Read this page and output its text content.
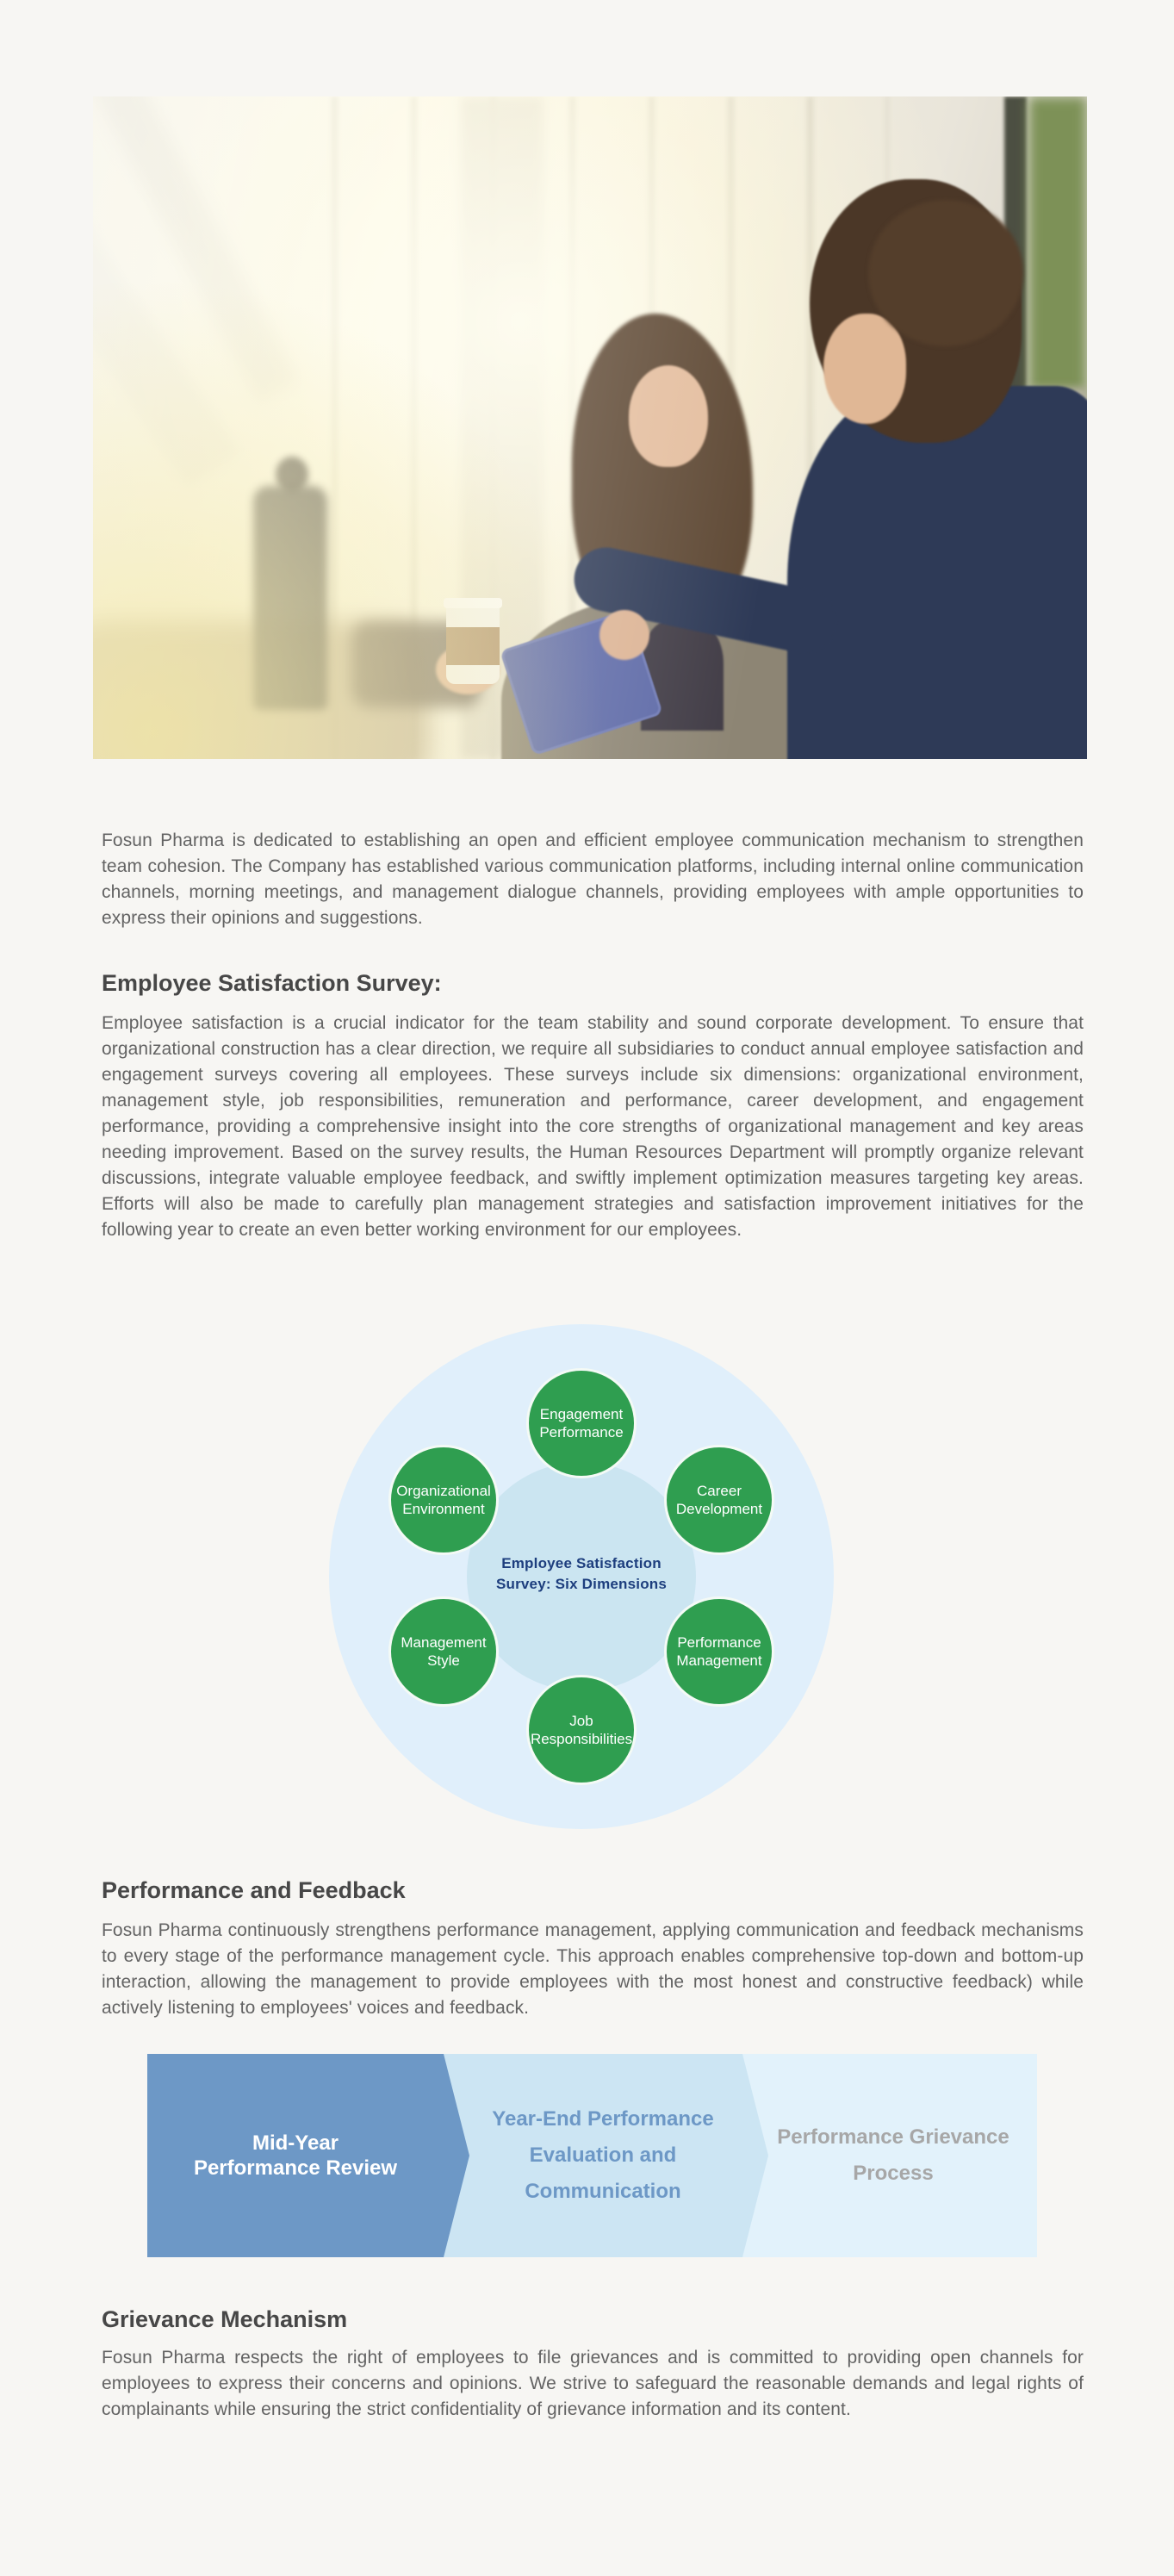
Fosun Pharma is dedicated to establishing an open and efficient employee communication mechanism to strengthen team cohesion. The Company has established various communication platforms, including internal online communication channels, morning meetings, and management dialogue channels, providing employees with ample opportunities to express their opinions and suggestions.

Employee Satisfaction Survey:

Employee satisfaction is a crucial indicator for the team stability and sound corporate development. To ensure that organizational construction has a clear direction, we require all subsidiaries to conduct annual employee satisfaction and engagement surveys covering all employees. These surveys include six dimensions: organizational environment, management style, job responsibilities, remuneration and performance, career development, and engagement performance, providing a comprehensive insight into the core strengths of organizational management and key areas needing improvement. Based on the survey results, the Human Resources Department will promptly organize relevant discussions, integrate valuable employee feedback, and swiftly implement optimization measures targeting key areas. Efforts will also be made to carefully plan management strategies and satisfaction improvement initiatives for the following year to create an even better working environment for our employees.

Engagement Performance
Organizational Environment
Career Development
Management Style
Performance Management
Job Responsibilities
Employee Satisfaction
Survey: Six Dimensions
Performance and Feedback

Fosun Pharma continuously strengthens performance management, applying communication and feedback mechanisms to every stage of the performance management cycle. This approach enables comprehensive top-down and bottom-up interaction, allowing the management to provide employees with the most honest and constructive feedback) while actively listening to employees' voices and feedback.

Mid-Year Performance Review
Year-End Performance Evaluation and Communication
Performance Grievance Process
Grievance Mechanism

Fosun Pharma respects the right of employees to file grievances and is committed to providing open channels for employees to express their concerns and opinions. We strive to safeguard the reasonable demands and legal rights of complainants while ensuring the strict confidentiality of grievance information and its content.
